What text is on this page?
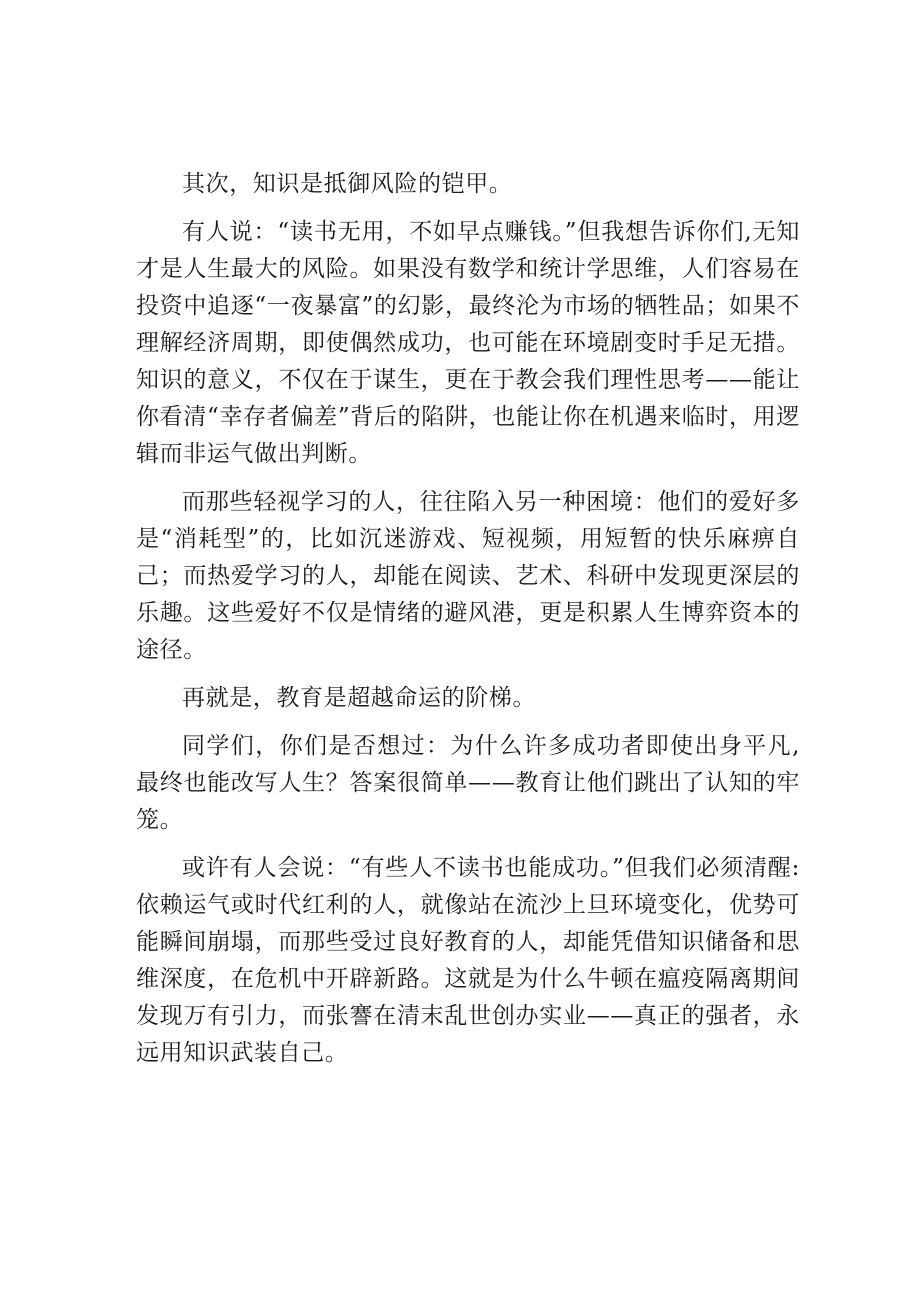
其次，知识是抵御风险的铠甲。

有人说：“读书无用，不如早点赚钱。”但我想告诉你们,无知才是人生最大的风险。如果没有数学和统计学思维，人们容易在投资中追逐“一夜暴富”的幻影，最终沦为市场的牺牲品；如果不理解经济周期，即使偶然成功，也可能在环境剧变时手足无措。知识的意义，不仅在于谋生，更在于教会我们理性思考——能让你看清“幸存者偏差”背后的陷阱，也能让你在机遇来临时，用逻辑而非运气做出判断。

而那些轻视学习的人，往往陷入另一种困境：他们的爱好多是“消耗型”的，比如沉迷游戏、短视频，用短暂的快乐麻痹自己；而热爱学习的人，却能在阅读、艺术、科研中发现更深层的乐趣。这些爱好不仅是情绪的避风港，更是积累人生博弈资本的途径。

再就是，教育是超越命运的阶梯。

同学们，你们是否想过：为什么许多成功者即使出身平凡,最终也能改写人生？答案很简单——教育让他们跳出了认知的牢笼。

或许有人会说：“有些人不读书也能成功。”但我们必须清醒:依赖运气或时代红利的人，就像站在流沙上旦环境变化，优势可能瞬间崩塌，而那些受过良好教育的人，却能凭借知识储备和思维深度，在危机中开辟新路。这就是为什么牛顿在瘟疫隔离期间发现万有引力，而张謇在清末乱世创办实业——真正的强者，永远用知识武装自己。
